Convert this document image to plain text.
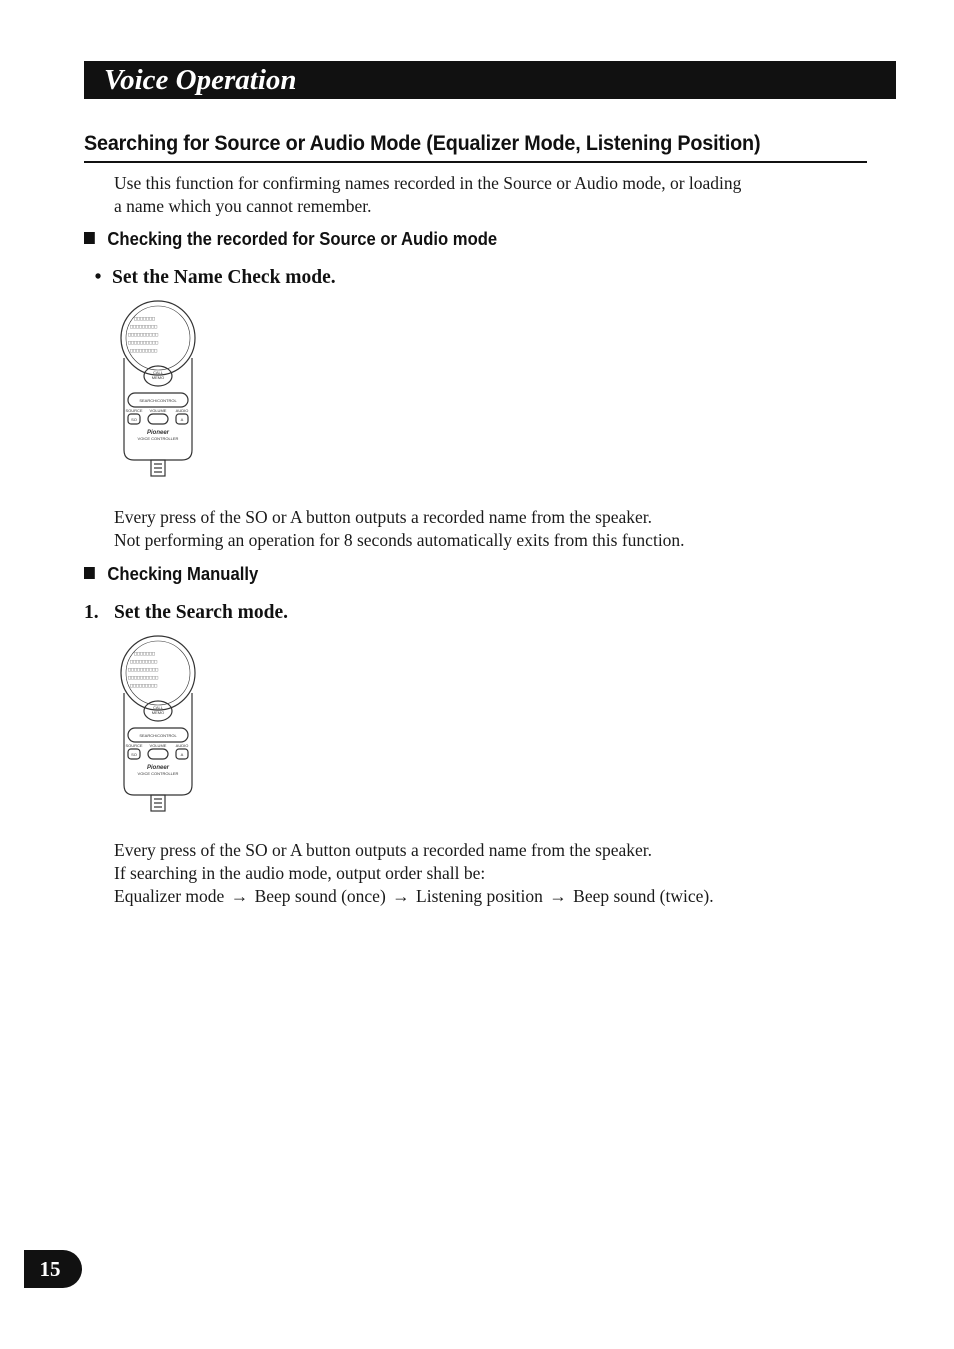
Voice Operation
Searching for Source or Audio Mode (Equalizer Mode, Listening Position)
Use this function for confirming names recorded in the Source or Audio mode, or loading
a name which you cannot remember.
Checking the recorded for Source or Audio mode
• Set the Name Check mode.
□□□□□□□
□□□□□□□□□
□□□□□□□□□□
□□□□□□□□□□
□□□□□□□□□
CALL
MEMO
SEARCH/CONTROL
SOURCE VOLUME AUDIO
SO	A
Pioneer
VOICE CONTROLLER
Every press of the SO or A button outputs a recorded name from the speaker.
Not performing an operation for 8 seconds automatically exits from this function.
Checking Manually
1. Set the Search mode.
□□□□□□□
□□□□□□□□□
□□□□□□□□□□
□□□□□□□□□□
□□□□□□□□□
CALL
MEMO
SEARCH/CONTROL
SOURCE VOLUME AUDIO
SO	A
Pioneer
VOICE CONTROLLER
Every press of the SO or A button outputs a recorded name from the speaker.
If searching in the audio mode, output order shall be:
Equalizer mode → Beep sound (once) → Listening position → Beep sound (twice).
15
